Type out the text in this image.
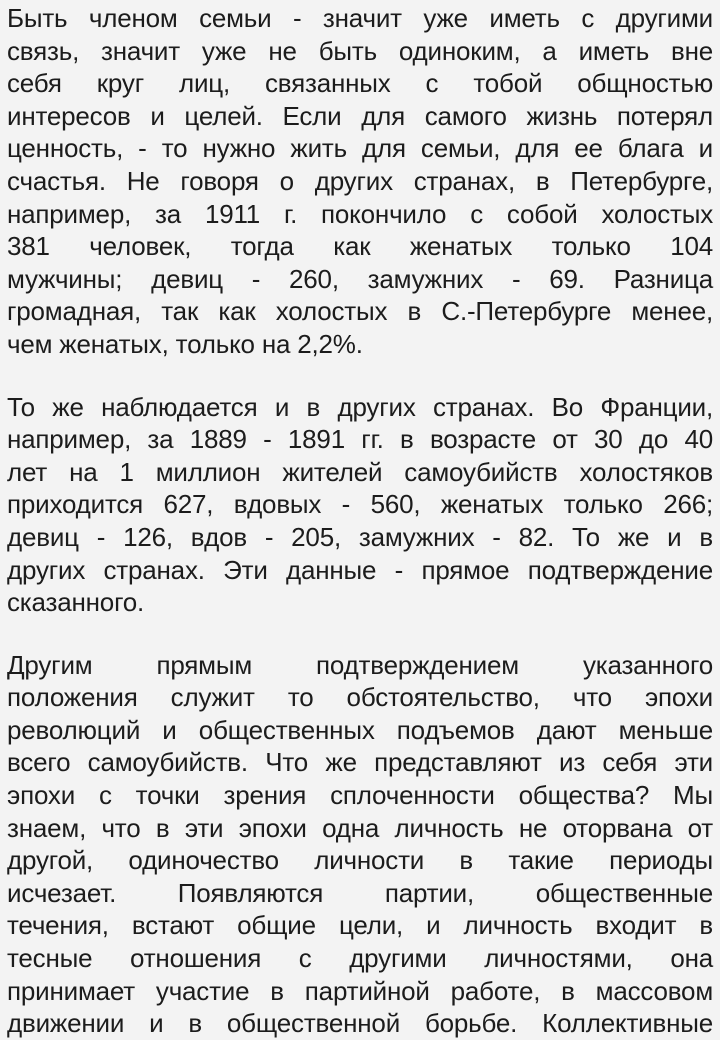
Быть членом семьи - значит уже иметь с другими
связь, значит уже не быть одиноким, а иметь вне
себя круг лиц, связанных с тобой общностью
интересов и целей. Если для самого жизнь потерял
ценность, - то нужно жить для семьи, для ее блага и
счастья. Не говоря о других странах, в Петербурге,
например, за 1911 г. покончило с собой холостых
381 человек, тогда как женатых только 104
мужчины; девиц - 260, замужних - 69. Разница
громадная, так как холостых в С.-Петербурге менее,
чем женатых, только на 2,2%.
То же наблюдается и в других странах. Во Франции,
например, за 1889 - 1891 гг. в возрасте от 30 до 40
лет на 1 миллион жителей самоубийств холостяков
приходится 627, вдовых - 560, женатых только 266;
девиц - 126, вдов - 205, замужних - 82. То же и в
других странах. Эти данные - прямое подтверждение
сказанного.
Другим прямым подтверждением указанного
положения служит то обстоятельство, что эпохи
революций и общественных подъемов дают меньше
всего самоубийств. Что же представляют из себя эти
эпохи с точки зрения сплоченности общества? Мы
знаем, что в эти эпохи одна личность не оторвана от
другой, одиночество личности в такие периоды
исчезает. Появляются партии, общественные
течения, встают общие цели, и личность входит в
тесные отношения с другими личностями, она
принимает участие в партийной работе, в массовом
движении и в общественной борьбе. Коллективные
